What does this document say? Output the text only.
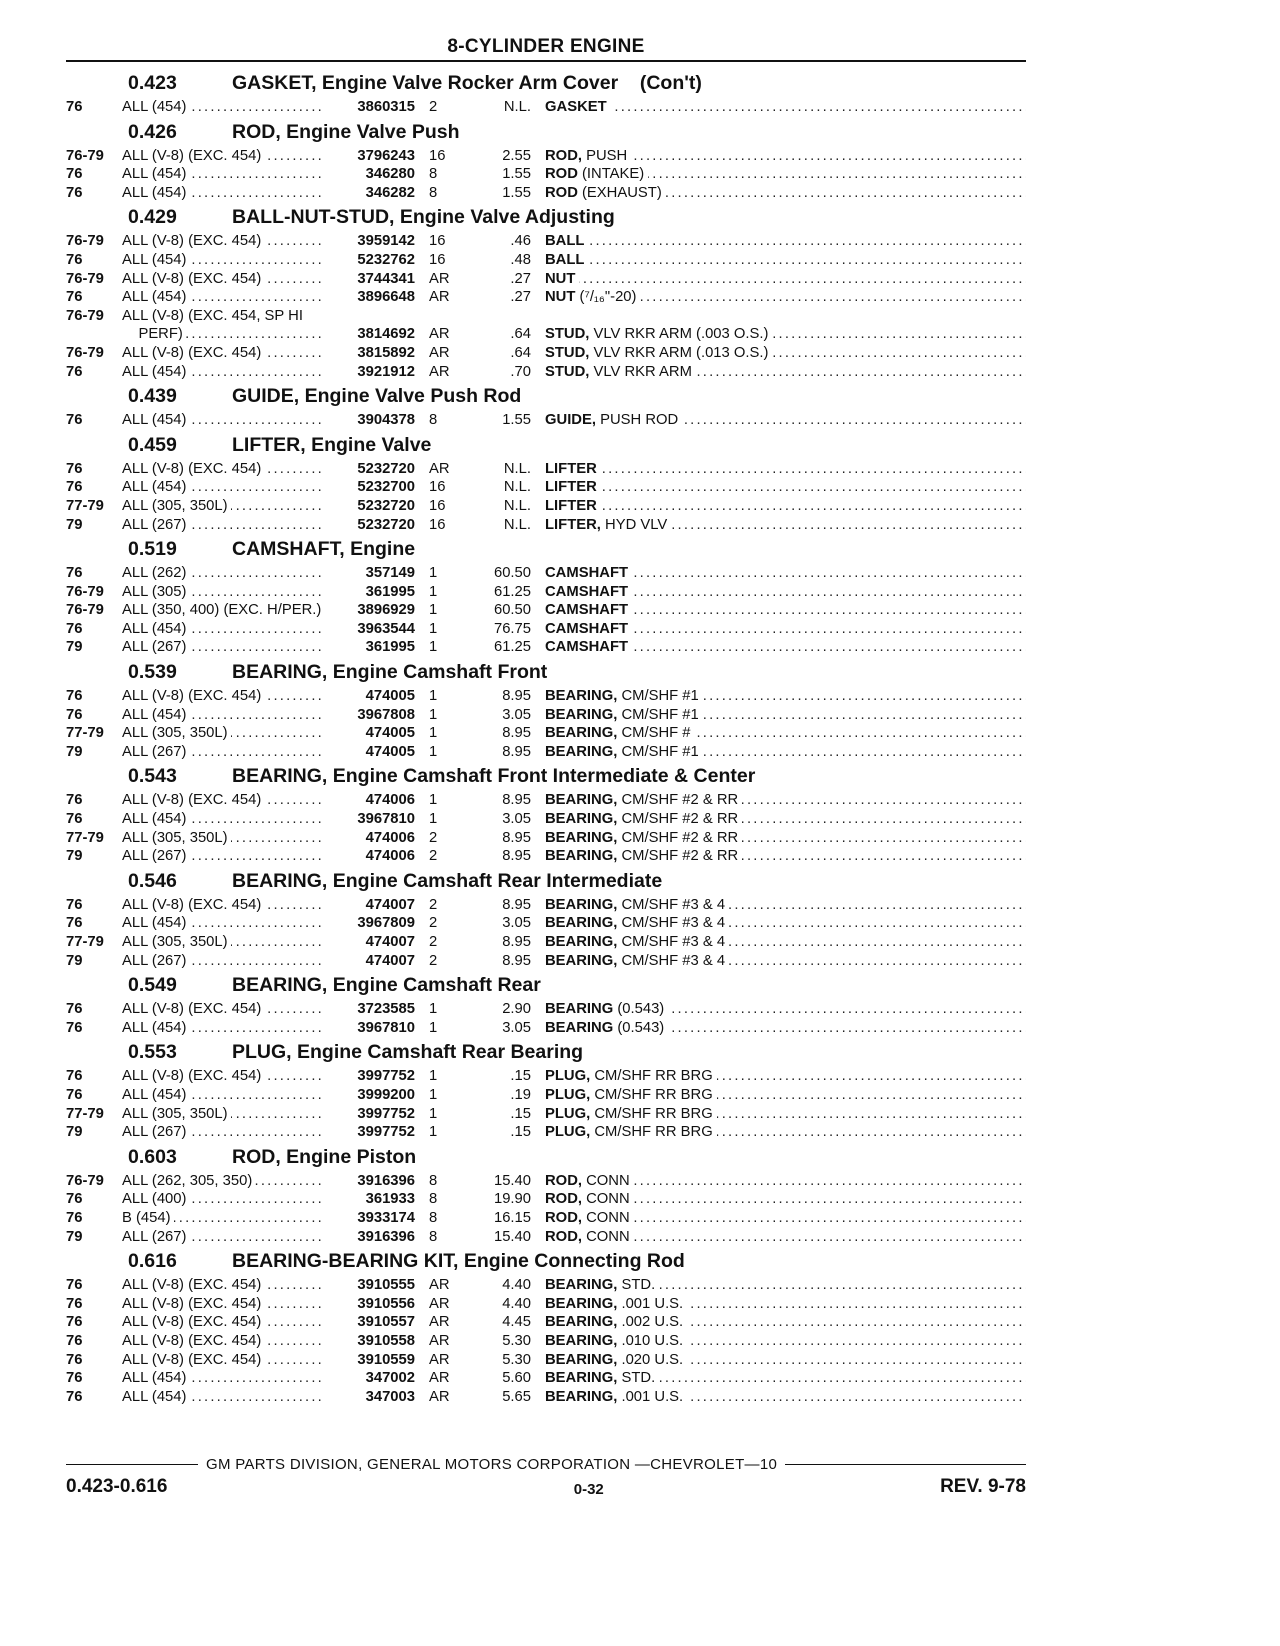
8-CYLINDER ENGINE
0.423	GASKET, Engine Valve Rocker Arm Cover    (Con't)
76	ALL (454) .....	3860315 2	N.L. GASKET .....
0.426	ROD, Engine Valve Push
76-79	ALL (V-8) (EXC. 454) .....	3796243 16	2.55 ROD, PUSH .....
76	ALL (454) .....	346280 8	1.55 ROD (INTAKE) .....
76	ALL (454) .....	346282 8	1.55 ROD (EXHAUST) .....
0.429	BALL-NUT-STUD, Engine Valve Adjusting
76-79	ALL (V-8) (EXC. 454) .....	3959142 16	.46 BALL .....
76	ALL (454) .....	5232762 16	.48 BALL .....
76-79	ALL (V-8) (EXC. 454) .....	3744341 AR	.27 NUT .....
76	ALL (454) .....	3896648 AR	.27 NUT (⁷/₁₆"-20) .....
76-79	ALL (V-8) (EXC. 454, SP HI
PERF) .....	3814692 AR	.64 STUD, VLV RKR ARM (.003 O.S.) .....
76-79	ALL (V-8) (EXC. 454) .....	3815892 AR	.64 STUD, VLV RKR ARM (.013 O.S.) .....
76	ALL (454) .....	3921912 AR	.70 STUD, VLV RKR ARM .....
0.439	GUIDE, Engine Valve Push Rod
76	ALL (454) .....	3904378 8	1.55 GUIDE, PUSH ROD .....
0.459	LIFTER, Engine Valve
76	ALL (V-8) (EXC. 454) .....	5232720 AR	N.L. LIFTER .....
76	ALL (454) .....	5232700 16	N.L. LIFTER .....
77-79	ALL (305, 350L) .....	5232720 16	N.L. LIFTER .....
79	ALL (267) .....	5232720 16	N.L. LIFTER, HYD VLV .....
0.519	CAMSHAFT, Engine
76	ALL (262) .....	357149 1	60.50 CAMSHAFT .....
76-79	ALL (305) .....	361995 1	61.25 CAMSHAFT .....
76-79	ALL (350, 400) (EXC. H/PER.) .....	3896929 1	60.50 CAMSHAFT .....
76	ALL (454) .....	3963544 1	76.75 CAMSHAFT .....
79	ALL (267) .....	361995 1	61.25 CAMSHAFT .....
0.539	BEARING, Engine Camshaft Front
76	ALL (V-8) (EXC. 454) .....	474005 1	8.95 BEARING, CM/SHF #1 .....
76	ALL (454) .....	3967808 1	3.05 BEARING, CM/SHF #1 .....
77-79	ALL (305, 350L) .....	474005 1	8.95 BEARING, CM/SHF # .....
79	ALL (267) .....	474005 1	8.95 BEARING, CM/SHF #1 .....
0.543	BEARING, Engine Camshaft Front Intermediate & Center
76	ALL (V-8) (EXC. 454) .....	474006 1	8.95 BEARING, CM/SHF #2 & RR .....
76	ALL (454) .....	3967810 1	3.05 BEARING, CM/SHF #2 & RR .....
77-79	ALL (305, 350L) .....	474006 2	8.95 BEARING, CM/SHF #2 & RR .....
79	ALL (267) .....	474006 2	8.95 BEARING, CM/SHF #2 & RR .....
0.546	BEARING, Engine Camshaft Rear Intermediate
76	ALL (V-8) (EXC. 454) .....	474007 2	8.95 BEARING, CM/SHF #3 & 4 .....
76	ALL (454) .....	3967809 2	3.05 BEARING, CM/SHF #3 & 4 .....
77-79	ALL (305, 350L) .....	474007 2	8.95 BEARING, CM/SHF #3 & 4 .....
79	ALL (267) .....	474007 2	8.95 BEARING, CM/SHF #3 & 4 .....
0.549	BEARING, Engine Camshaft Rear
76	ALL (V-8) (EXC. 454) .....	3723585 1	2.90 BEARING (0.543) .....
76	ALL (454) .....	3967810 1	3.05 BEARING (0.543) .....
0.553	PLUG, Engine Camshaft Rear Bearing
76	ALL (V-8) (EXC. 454) .....	3997752 1	.15 PLUG, CM/SHF RR BRG .....
76	ALL (454) .....	3999200 1	.19 PLUG, CM/SHF RR BRG .....
77-79	ALL (305, 350L) .....	3997752 1	.15 PLUG, CM/SHF RR BRG .....
79	ALL (267) .....	3997752 1	.15 PLUG, CM/SHF RR BRG .....
0.603	ROD, Engine Piston
76-79	ALL (262, 305, 350) .....	3916396 8	15.40 ROD, CONN .....
76	ALL (400) .....	361933 8	19.90 ROD, CONN .....
76	B (454) .....	3933174 8	16.15 ROD, CONN .....
79	ALL (267) .....	3916396 8	15.40 ROD, CONN .....
0.616	BEARING-BEARING KIT, Engine Connecting Rod
76	ALL (V-8) (EXC. 454) .....	3910555 AR	4.40 BEARING, STD. .....
76	ALL (V-8) (EXC. 454) .....	3910556 AR	4.40 BEARING, .001 U.S. .....
76	ALL (V-8) (EXC. 454) .....	3910557 AR	4.45 BEARING, .002 U.S. .....
76	ALL (V-8) (EXC. 454) .....	3910558 AR	5.30 BEARING, .010 U.S. .....
76	ALL (V-8) (EXC. 454) .....	3910559 AR	5.30 BEARING, .020 U.S. .....
76	ALL (454) .....	347002 AR	5.60 BEARING, STD. .....
76	ALL (454) .....	347003 AR	5.65 BEARING, .001 U.S. .....
GM PARTS DIVISION, GENERAL MOTORS CORPORATION —CHEVROLET—10
0.423-0.616	0-32	REV. 9-78
